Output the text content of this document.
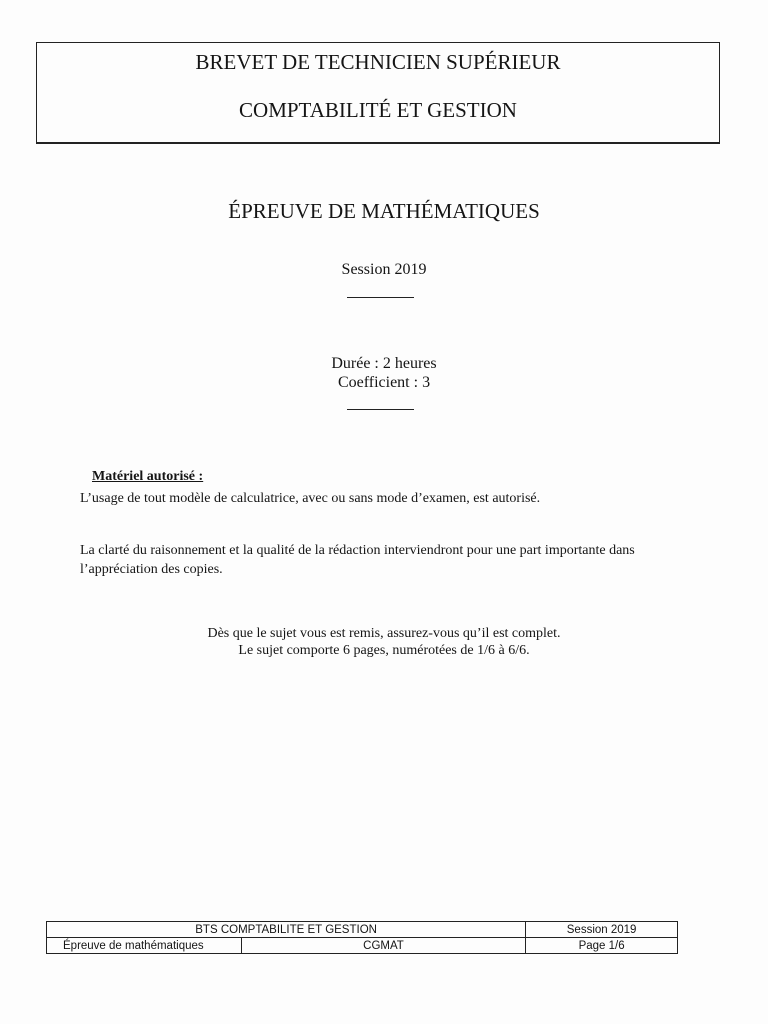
BREVET DE TECHNICIEN SUPÉRIEUR
COMPTABILITÉ ET GESTION
ÉPREUVE DE MATHÉMATIQUES
Session 2019
Durée : 2 heures
Coefficient : 3
Matériel autorisé :
L’usage de tout modèle de calculatrice, avec ou sans mode d’examen, est autorisé.
La clarté du raisonnement et la qualité de la rédaction interviendront pour une part importante dans
l’appréciation des copies.
Dès que le sujet vous est remis, assurez-vous qu’il est complet.
Le sujet comporte 6 pages, numérotées de 1/6 à 6/6.
BTS COMPTABILITE ET GESTION		Session 2019
Épreuve de mathématiques	CGMAT	Page 1/6
